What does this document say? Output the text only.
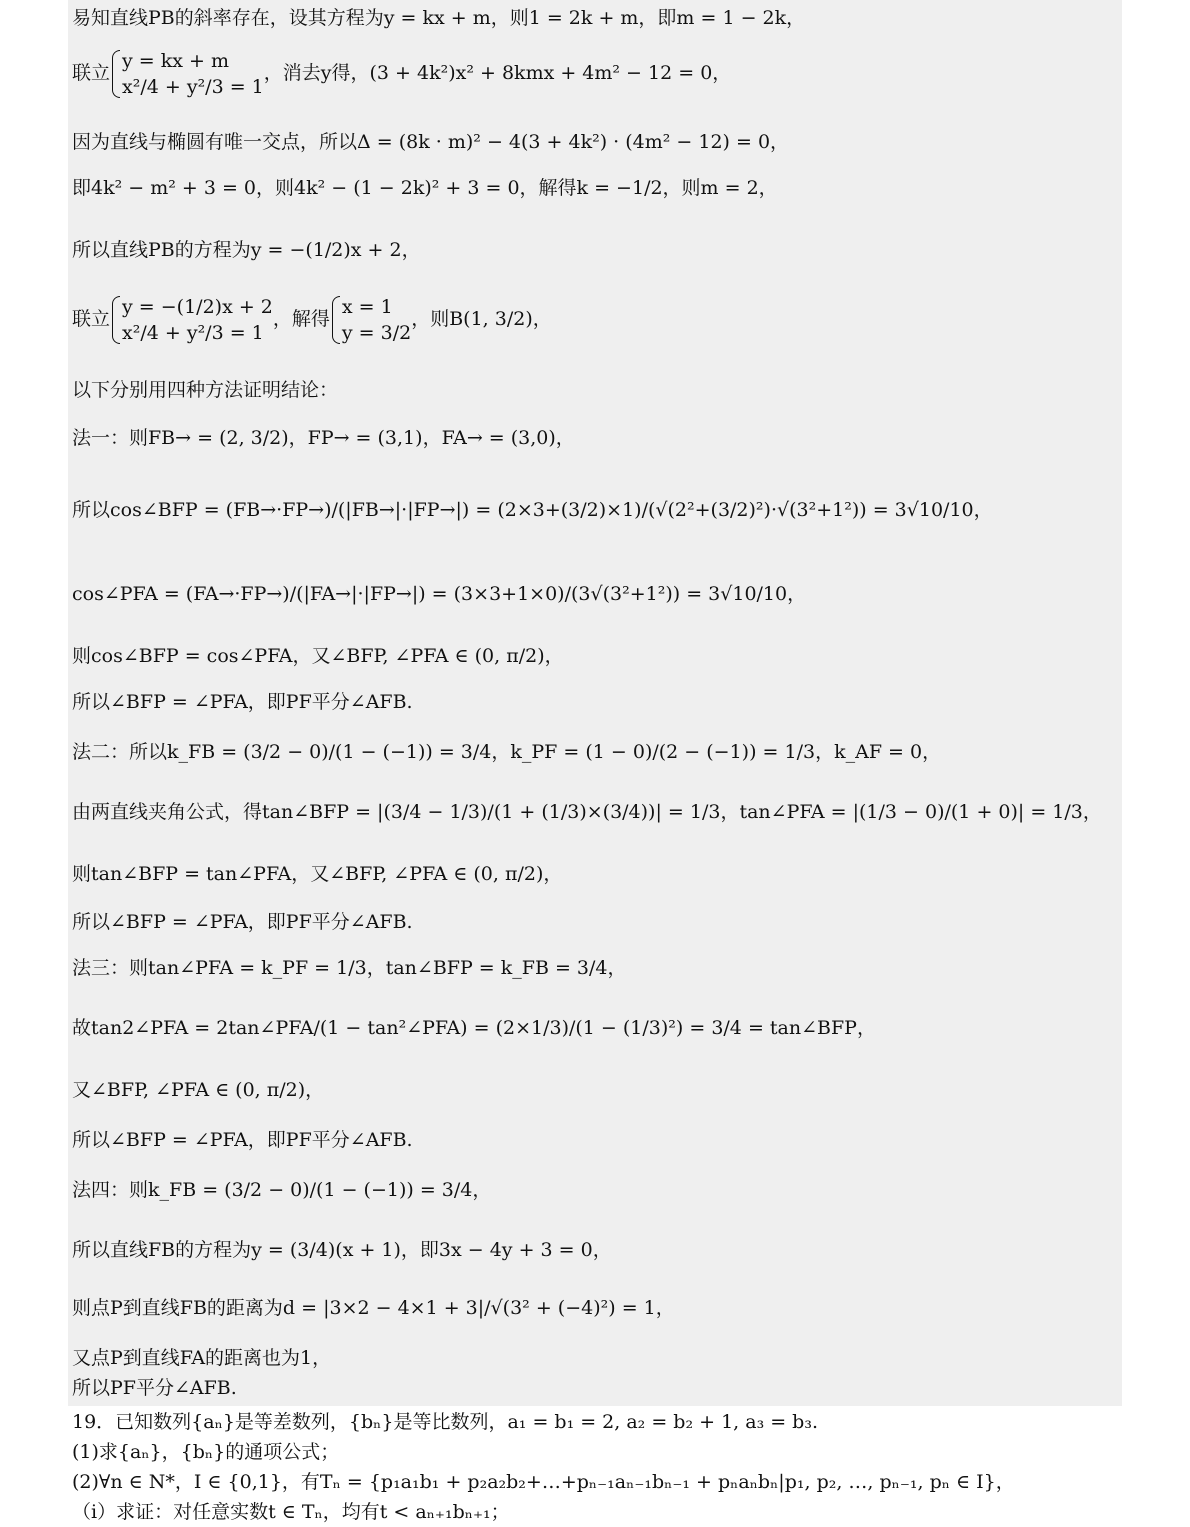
易知直线PB的斜率存在，设其方程为y = kx + m，则1 = 2k + m，即m = 1 − 2k，
联立
y = kx + m
x²/4 + y²/3 = 1
，消去y得，(3 + 4k²)x² + 8kmx + 4m² − 12 = 0，
因为直线与椭圆有唯一交点，所以Δ = (8k · m)² − 4(3 + 4k²) · (4m² − 12) = 0，
即4k² − m² + 3 = 0，则4k² − (1 − 2k)² + 3 = 0，解得k = −1/2，则m = 2，
所以直线PB的方程为y = −(1/2)x + 2，
联立
y = −(1/2)x + 2
x²/4 + y²/3 = 1
，解得
x = 1
y = 3/2
，则B(1, 3/2)，
以下分别用四种方法证明结论：
法一：则FB→ = (2, 3/2)，FP→ = (3,1)，FA→ = (3,0)，
所以cos∠BFP = (FB→·FP→)/(|FB→|·|FP→|) = (2×3+(3/2)×1)/(√(2²+(3/2)²)·√(3²+1²)) = 3√10/10，
cos∠PFA = (FA→·FP→)/(|FA→|·|FP→|) = (3×3+1×0)/(3√(3²+1²)) = 3√10/10，
则cos∠BFP = cos∠PFA，又∠BFP, ∠PFA ∈ (0, π/2)，
所以∠BFP = ∠PFA，即PF平分∠AFB.
法二：所以k_FB = (3/2 − 0)/(1 − (−1)) = 3/4，k_PF = (1 − 0)/(2 − (−1)) = 1/3，k_AF = 0，
由两直线夹角公式，得tan∠BFP = |(3/4 − 1/3)/(1 + (1/3)×(3/4))| = 1/3，tan∠PFA = |(1/3 − 0)/(1 + 0)| = 1/3，
则tan∠BFP = tan∠PFA，又∠BFP, ∠PFA ∈ (0, π/2)，
所以∠BFP = ∠PFA，即PF平分∠AFB.
法三：则tan∠PFA = k_PF = 1/3，tan∠BFP = k_FB = 3/4，
故tan2∠PFA = 2tan∠PFA/(1 − tan²∠PFA) = (2×1/3)/(1 − (1/3)²) = 3/4 = tan∠BFP，
又∠BFP, ∠PFA ∈ (0, π/2)，
所以∠BFP = ∠PFA，即PF平分∠AFB.
法四：则k_FB = (3/2 − 0)/(1 − (−1)) = 3/4，
所以直线FB的方程为y = (3/4)(x + 1)，即3x − 4y + 3 = 0，
则点P到直线FB的距离为d = |3×2 − 4×1 + 3|/√(3² + (−4)²) = 1，
又点P到直线FA的距离也为1，
所以PF平分∠AFB.
19．已知数列{aₙ}是等差数列，{bₙ}是等比数列，a₁ = b₁ = 2, a₂ = b₂ + 1, a₃ = b₃.
(1)求{aₙ}，{bₙ}的通项公式；
(2)∀n ∈ N*，I ∈ {0,1}，有Tₙ = {p₁a₁b₁ + p₂a₂b₂+…+pₙ₋₁aₙ₋₁bₙ₋₁ + pₙaₙbₙ|p₁, p₂, …, pₙ₋₁, pₙ ∈ I}，
（i）求证：对任意实数t ∈ Tₙ，均有t < aₙ₊₁bₙ₊₁；
